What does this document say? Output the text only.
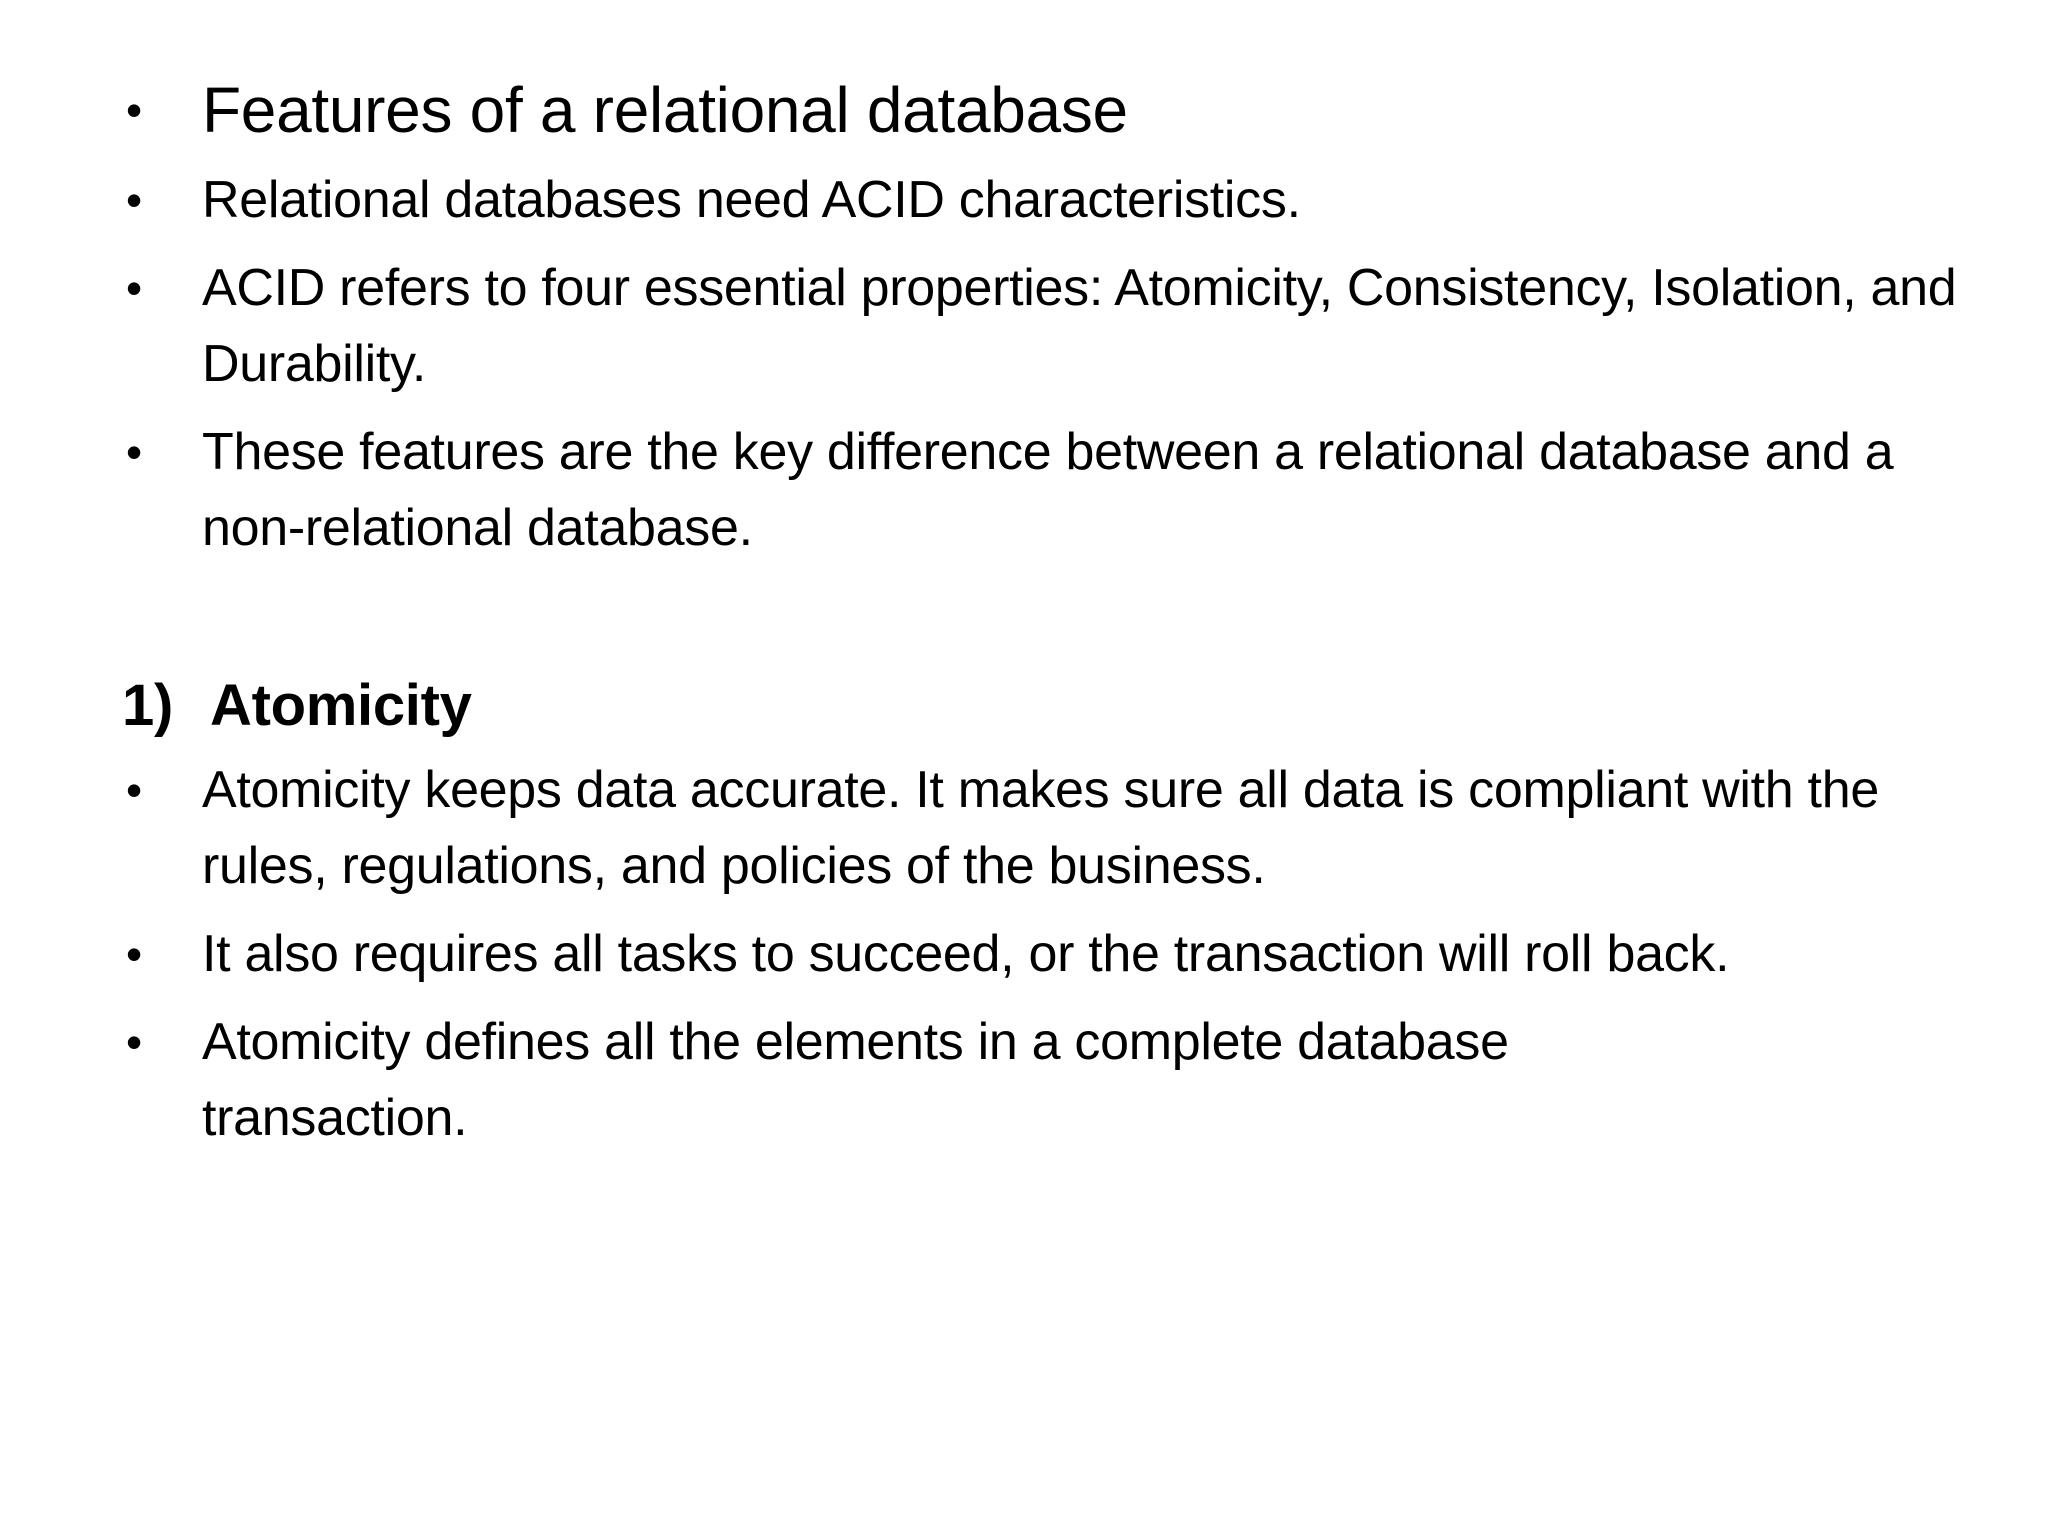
• Features of a relational database
• Relational databases need ACID characteristics.
• ACID refers to four essential properties: Atomicity, Consistency, Isolation, and Durability.
• These features are the key difference between a relational database and a non-relational database.
1) Atomicity
• Atomicity keeps data accurate. It makes sure all data is compliant with the rules, regulations, and policies of the business.
• It also requires all tasks to succeed, or the transaction will roll back.
• Atomicity defines all the elements in a complete database transaction.
